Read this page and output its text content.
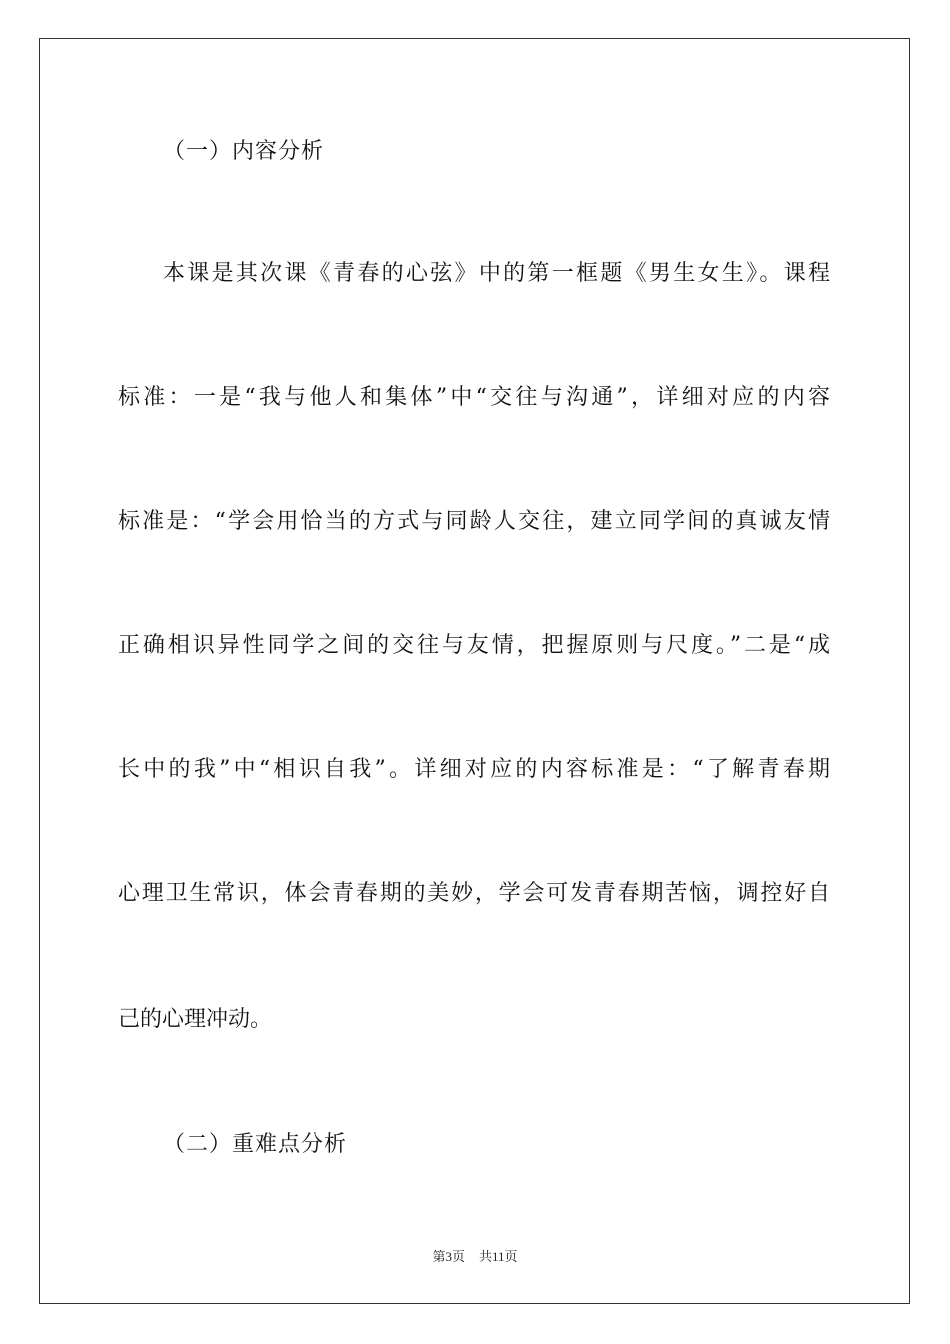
（一）内容分析
本课是其次课《青春的心弦》中的第一框题《男生女生》。课程
标准：一是“我与他人和集体”中“交往与沟通”，详细对应的内容
标准是：“学会用恰当的方式与同龄人交往，建立同学间的真诚友情
正确相识异性同学之间的交往与友情，把握原则与尺度。”二是“成
长中的我”中“相识自我”。详细对应的内容标准是：“了解青春期
心理卫生常识，体会青春期的美妙，学会可发青春期苦恼，调控好自
己的心理冲动。
（二）重难点分析
第3页 共11页
